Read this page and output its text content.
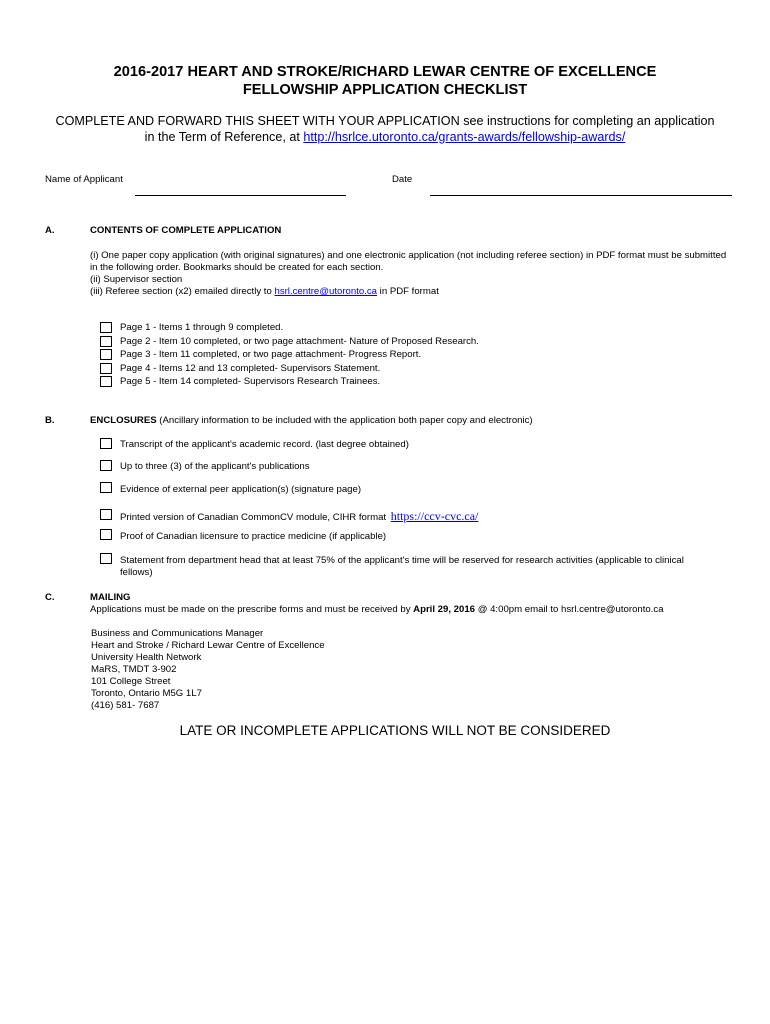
2016-2017 HEART AND STROKE/RICHARD LEWAR CENTRE OF EXCELLENCE
FELLOWSHIP APPLICATION CHECKLIST
COMPLETE AND FORWARD THIS SHEET WITH YOUR APPLICATION see instructions for completing an application
in the Term of Reference, at http://hsrlce.utoronto.ca/grants-awards/fellowship-awards/
Name of Applicant	Date
A.	CONTENTS OF COMPLETE APPLICATION
(i) One paper copy application (with original signatures) and one electronic application (not including referee section) in PDF format must be submitted
in the following order. Bookmarks should be created for each section.
(ii) Supervisor section
(iii) Referee section (x2) emailed directly to hsrl.centre@utoronto.ca in PDF format
Page 1 - Items 1 through 9 completed.
Page 2 - Item 10 completed, or two page attachment- Nature of Proposed Research.
Page 3 - Item 11 completed, or two page attachment- Progress Report.
Page 4 - Items 12 and 13 completed- Supervisors Statement.
Page 5 - Item 14 completed- Supervisors Research Trainees.
B.	ENCLOSURES (Ancillary information to be included with the application both paper copy and electronic)
Transcript of the applicant's academic record. (last degree obtained)
Up to three (3) of the applicant's publications
Evidence of external peer application(s) (signature page)
Printed version of Canadian CommonCV module, CIHR format https://ccv-cvc.ca/
Proof of Canadian licensure to practice medicine (if applicable)
Statement from department head that at least 75% of the applicant's time will be reserved for research activities (applicable to clinical
fellows)
C.	MAILING
Applications must be made on the prescribe forms and must be received by April 29, 2016 @ 4:00pm email to hsrl.centre@utoronto.ca
Business and Communications Manager
Heart and Stroke / Richard Lewar Centre of Excellence
University Health Network
MaRS, TMDT 3-902
101 College Street
Toronto, Ontario M5G 1L7
(416) 581- 7687
LATE OR INCOMPLETE APPLICATIONS WILL NOT BE CONSIDERED
